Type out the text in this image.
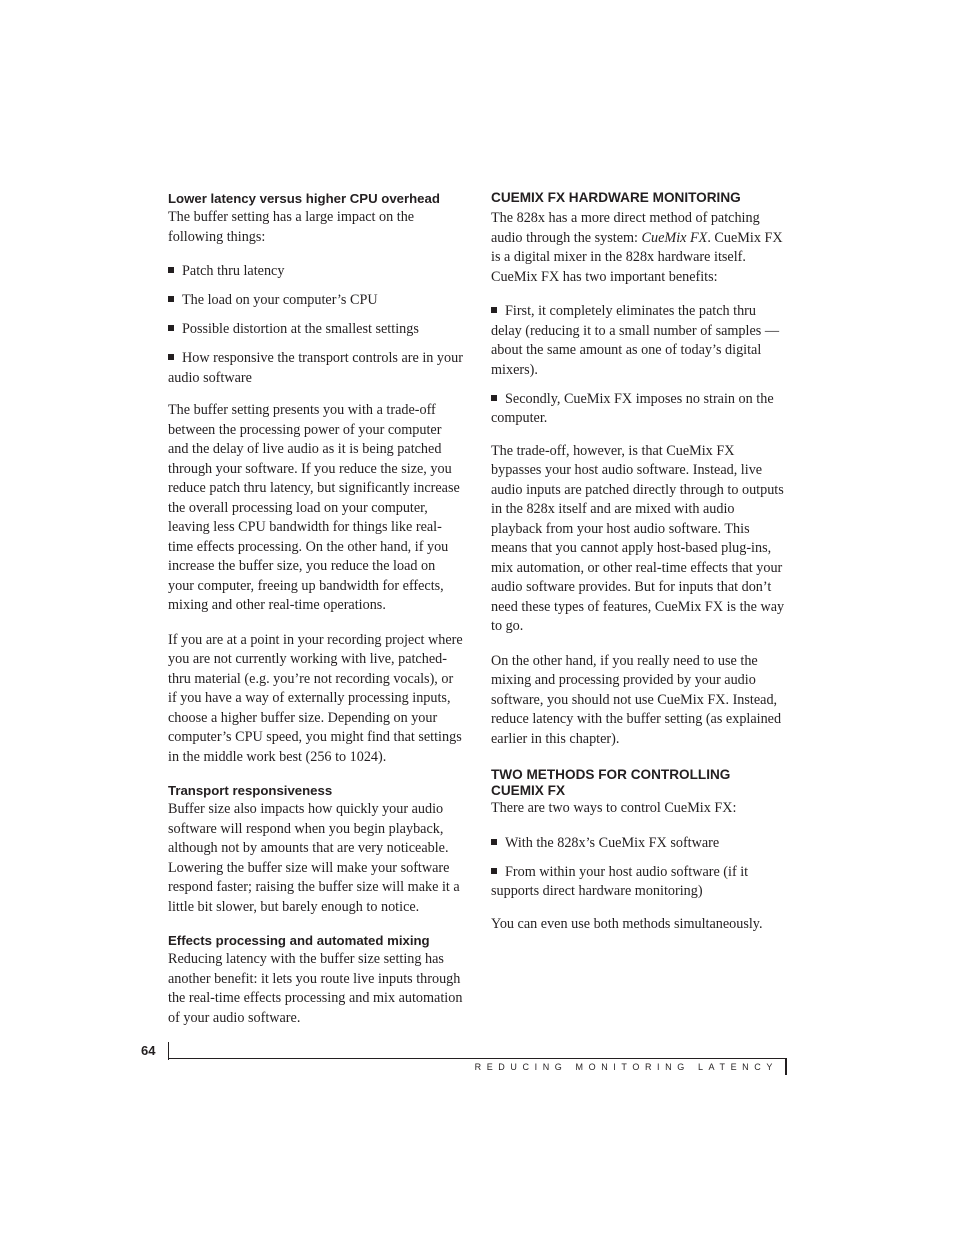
Lower latency versus higher CPU overhead

The buffer setting has a large impact on the following things:

Patch thru latency

The load on your computer’s CPU

Possible distortion at the smallest settings

How responsive the transport controls are in your audio software

The buffer setting presents you with a trade-off between the processing power of your computer and the delay of live audio as it is being patched through your software. If you reduce the size, you reduce patch thru latency, but significantly increase the overall processing load on your computer, leaving less CPU bandwidth for things like real-time effects processing. On the other hand, if you increase the buffer size, you reduce the load on your computer, freeing up bandwidth for effects, mixing and other real-time operations.

If you are at a point in your recording project where you are not currently working with live, patched-thru material (e.g. you’re not recording vocals), or if you have a way of externally processing inputs, choose a higher buffer size. Depending on your computer’s CPU speed, you might find that settings in the middle work best (256 to 1024).

Transport responsiveness

Buffer size also impacts how quickly your audio software will respond when you begin playback, although not by amounts that are very noticeable. Lowering the buffer size will make your software respond faster; raising the buffer size will make it a little bit slower, but barely enough to notice.

Effects processing and automated mixing

Reducing latency with the buffer size setting has another benefit: it lets you route live inputs through the real-time effects processing and mix automation of your audio software.

CUEMIX FX HARDWARE MONITORING

The 828x has a more direct method of patching audio through the system: CueMix FX. CueMix FX is a digital mixer in the 828x hardware itself. CueMix FX has two important benefits:

First, it completely eliminates the patch thru delay (reducing it to a small number of samples — about the same amount as one of today’s digital mixers).

Secondly, CueMix FX imposes no strain on the computer.

The trade-off, however, is that CueMix FX bypasses your host audio software. Instead, live audio inputs are patched directly through to outputs in the 828x itself and are mixed with audio playback from your host audio software. This means that you cannot apply host-based plug-ins, mix automation, or other real-time effects that your audio software provides. But for inputs that don’t need these types of features, CueMix FX is the way to go.

On the other hand, if you really need to use the mixing and processing provided by your audio software, you should not use CueMix FX. Instead, reduce latency with the buffer setting (as explained earlier in this chapter).

TWO METHODS FOR CONTROLLING CUEMIX FX

There are two ways to control CueMix FX:

With the 828x’s CueMix FX software

From within your host audio software (if it supports direct hardware monitoring)

You can even use both methods simultaneously.

64
REDUCING MONITORING LATENCY
